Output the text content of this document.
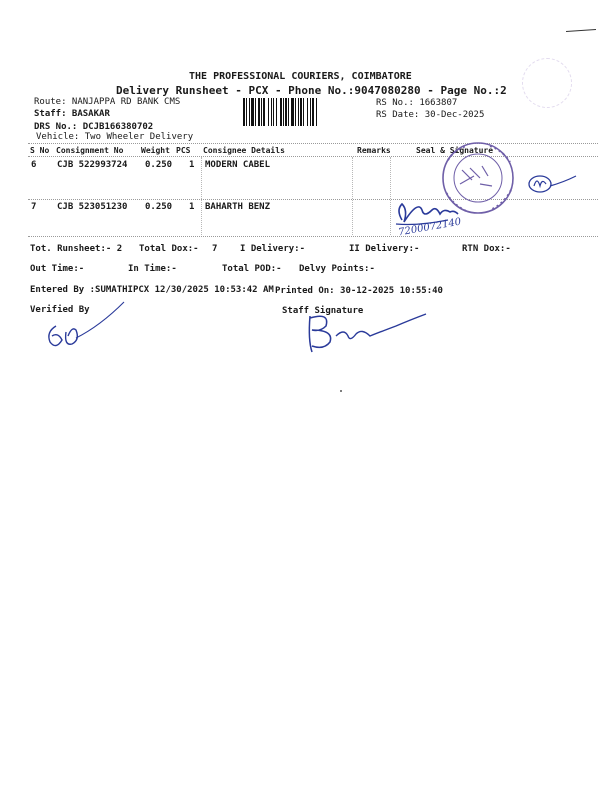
THE PROFESSIONAL COURIERS, COIMBATORE
Delivery Runsheet - PCX - Phone No.:9047080280 - Page No.:2
Route: NANJAPPA RD BANK CMS
Staff: BASAKAR
DRS No.: DCJB166380702
Vehicle: Two Wheeler Delivery
RS No.: 1663807
RS Date: 30-Dec-2025
S No Consignment No Weight PCS Consignee Details	Remarks	Seal & Signature
6 CJB 522993724 0.250 1 MODERN CABEL
7 CJB 523051230 0.250 1 BAHARTH BENZ
7200072140
Tot. Runsheet:- 2 Total Dox:- 7	I Delivery:-	II Delivery:-	RTN Dox:-
Out Time:-	In Time:-	Total POD:- Delvy Points:-
Entered By :SUMATHIPCX 12/30/2025 10:53:42 AM Printed On: 30-12-2025 10:55:40
Verified By	Staff Signature
